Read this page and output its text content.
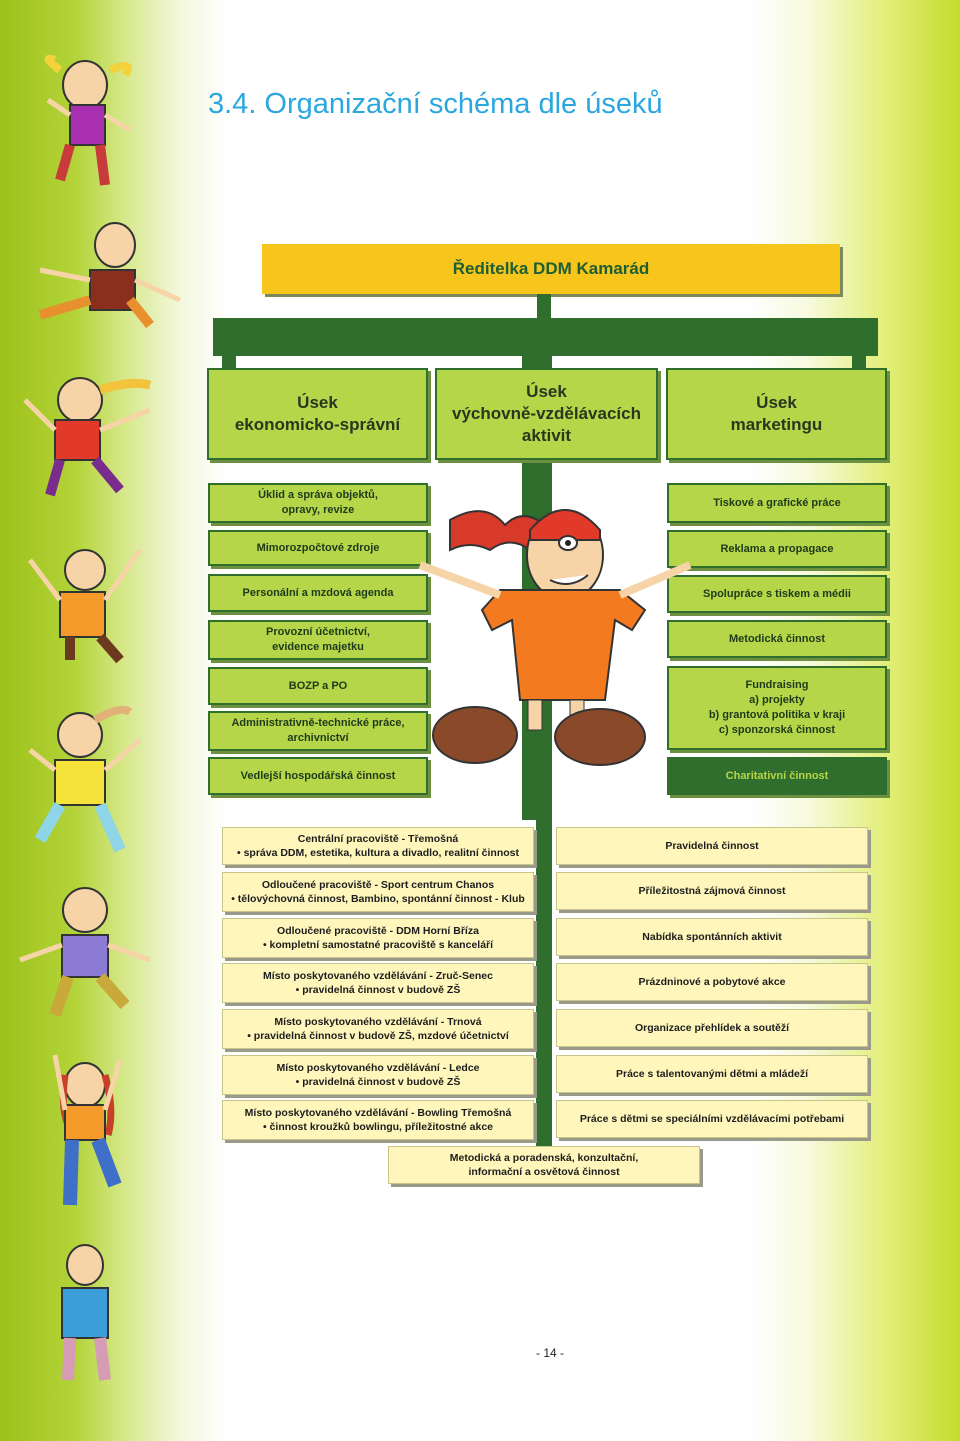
3.4. Organizační schéma dle úseků
Ředitelka DDM Kamarád
Úsek
ekonomicko-správní
Úsek
výchovně-vzdělávacích
aktivit
Úsek
marketingu
Úklid a správa objektů,
opravy, revize
Mimorozpočtové zdroje
Personální a mzdová agenda
Provozní účetnictví,
evidence majetku
BOZP a PO
Administrativně-technické práce,
archivnictví
Vedlejší hospodářská činnost
Tiskové a grafické práce
Reklama a propagace
Spolupráce s tiskem a médii
Metodická činnost
Fundraising
a) projekty
b) grantová politika v kraji
c) sponzorská činnost
Charitativní činnost
Centrální pracoviště - Třemošná
• správa DDM, estetika, kultura a divadlo, realitní činnost
Odloučené pracoviště - Sport centrum Chanos
• tělovýchovná činnost, Bambino, spontánní činnost - Klub
Odloučené pracoviště - DDM Horní Bříza
• kompletní samostatné pracoviště s kanceláří
Místo poskytovaného vzdělávání - Zruč-Senec
• pravidelná činnost v budově ZŠ
Místo poskytovaného vzdělávání - Trnová
• pravidelná činnost v budově ZŠ, mzdové účetnictví
Místo poskytovaného vzdělávání - Ledce
• pravidelná činnost v budově ZŠ
Místo poskytovaného vzdělávání - Bowling Třemošná
• činnost kroužků bowlingu, příležitostné akce
Pravidelná činnost
Příležitostná zájmová činnost
Nabídka spontánních aktivit
Prázdninové a pobytové akce
Organizace přehlídek a soutěží
Práce s talentovanými dětmi a mládeží
Práce s dětmi se speciálními vzdělávacími potřebami
Metodická a poradenská, konzultační,
informační a osvětová činnost
- 14 -
